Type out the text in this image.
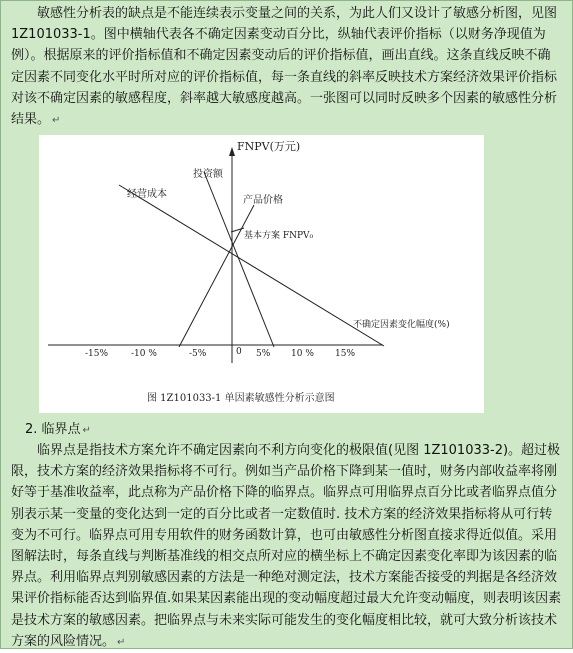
敏感性分析表的缺点是不能连续表示变量之间的关系，为此人们又设计了敏感分析图，见图 1Z101033-1。图中横轴代表各不确定因素变动百分比，纵轴代表评价指标（以财务净现值为例）。根据原来的评价指标值和不确定因素变动后的评价指标值，画出直线。这条直线反映不确定因素不同变化水平时所对应的评价指标值，每一条直线的斜率反映技术方案经济效果评价指标对该不确定因素的敏感程度，斜率越大敏感度越高。一张图可以同时反映多个因素的敏感性分析结果。 ↵
FNPV(万元)
投资额
经营成本
产品价格
基本方案 FNPV₀
不确定因素变化幅度(%)
-15%	-10 %	-5%	0 5% 10 % 15%
图 1Z101033-1 单因素敏感性分析示意图
2. 临界点 ↵
临界点是指技术方案允许不确定因素向不利方向变化的极限值(见图 1Z101033-2)。超过极限，技术方案的经济效果指标将不可行。例如当产品价格下降到某一值时，财务内部收益率将刚好等于基准收益率，此点称为产品价格下降的临界点。临界点可用临界点百分比或者临界点值分别表示某一变量的变化达到一定的百分比或者一定数值时. 技术方案的经济效果指标将从可行转变为不可行。临界点可用专用软件的财务函数计算，也可由敏感性分析图直接求得近似值。采用图解法时，每条直线与判断基准线的相交点所对应的横坐标上不确定因素变化率即为该因素的临界点。利用临界点判别敏感因素的方法是一种绝对测定法，技术方案能否接受的判据是各经济效果评价指标能否达到临界值.如果某因素能出现的变动幅度超过最大允许变动幅度，则表明该因素是技术方案的敏感因素。把临界点与未来实际可能发生的变化幅度相比较，就可大致分析该技术方案的风险情况。 ↵
